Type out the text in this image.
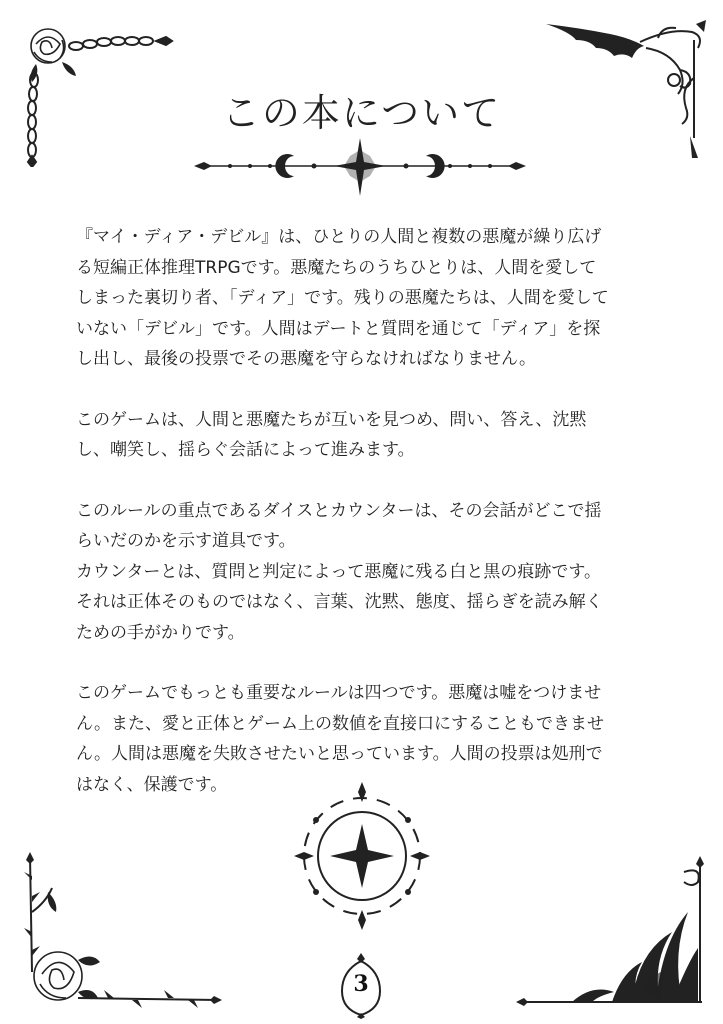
この本について

『マイ・ディア・デビル』は、ひとりの人間と複数の悪魔が繰り広げ
る短編正体推理TRPGです。悪魔たちのうちひとりは、人間を愛して
しまった裏切り者、「ディア」です。残りの悪魔たちは、人間を愛して
いない「デビル」です。人間はデートと質問を通じて「ディア」を探
し出し、最後の投票でその悪魔を守らなければなりません。

このゲームは、人間と悪魔たちが互いを見つめ、問い、答え、沈黙
し、嘲笑し、揺らぐ会話によって進みます。

このルールの重点であるダイスとカウンターは、その会話がどこで揺
らいだのかを示す道具です。
カウンターとは、質問と判定によって悪魔に残る白と黒の痕跡です。
それは正体そのものではなく、言葉、沈黙、態度、揺らぎを読み解く
ための手がかりです。

このゲームでもっとも重要なルールは四つです。悪魔は嘘をつけませ
ん。また、愛と正体とゲーム上の数値を直接口にすることもできませ
ん。人間は悪魔を失敗させたいと思っています。人間の投票は処刑で
はなく、保護です。

3
